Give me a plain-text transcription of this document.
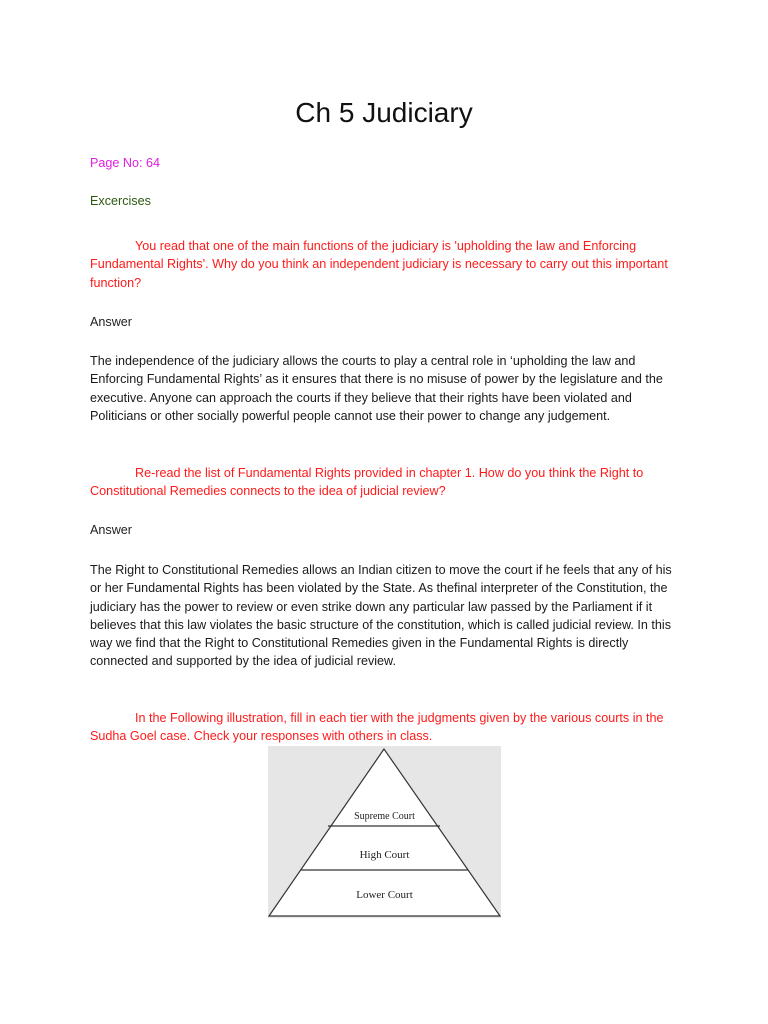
Ch 5 Judiciary

Page No: 64

Excercises

You read that one of the main functions of the judiciary is 'upholding the law and Enforcing Fundamental Rights'. Why do you think an independent judiciary is necessary to carry out this important function?

Answer

The independence of the judiciary allows the courts to play a central role in ‘upholding the law and Enforcing Fundamental Rights’ as it ensures that there is no misuse of power by the legislature and the executive. Anyone can approach the courts if they believe that their rights have been violated and Politicians or other socially powerful people cannot use their power to change any judgement.

Re-read the list of Fundamental Rights provided in chapter 1. How do you think the Right to Constitutional Remedies connects to the idea of judicial review?

Answer

The Right to Constitutional Remedies allows an Indian citizen to move the court if he feels that any of his or her Fundamental Rights has been violated by the State. As thefinal interpreter of the Constitution, the judiciary has the power to review or even strike down any particular law passed by the Parliament if it believes that this law violates the basic structure of the constitution, which is called judicial review. In this way we find that the Right to Constitutional Remedies given in the Fundamental Rights is directly connected and supported by the idea of judicial review.

In the Following illustration, fill in each tier with the judgments given by the various courts in the Sudha Goel case. Check your responses with others in class.

Supreme Court
High Court
Lower Court
